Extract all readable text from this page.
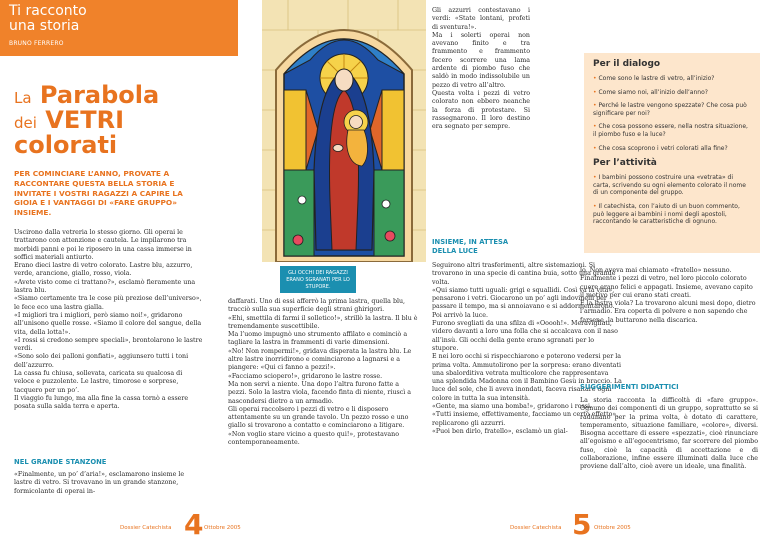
Ti racconto
una storia
BRUNO FERRERO
La Parabola
dei VETRI
colorati
PER COMINCIARE L’ANNO, PROVATE A RACCONTARE QUESTA BELLA STORIA E INVITATE I VOSTRI RAGAZZI A CAPIRE LA GIOIA E I VANTAGGI DI «FARE GRUPPO» INSIEME.
Uscirono dalla vetreria lo stesso giorno. Gli operai le trattarono con attenzione e cautela. Le impilarono tra morbidi panni e poi le riposero in una cassa immerse in soffici materiali antiurto.
Erano dieci lastre di vetro colorato. Lastre blu, azzurro, verde, arancione, giallo, rosso, viola.
«Avete visto come ci trattano?», esclamò fieramente una lastra blu.
«Siamo certamente tra le cose più preziose dell’universo», le fece eco una lastra gialla.
«I migliori tra i migliori, però siamo noi!», gridarono all’unisono quelle rosse. «Siamo il colore del sangue, della vita, della lotta!».
«I rossi si credono sempre speciali», brontolarono le lastre verdi.
«Sono solo dei palloni gonfiati», aggiunsero tutti i toni dell’azzurro.
La cassa fu chiusa, sollevata, caricata su qualcosa di veloce e puzzolente. Le lastre, timorose e sorprese, tacquero per un po’.
Il viaggio fu lungo, ma alla fine la cassa tornò a essere posata sulla salda terra e aperta.
NEL GRANDE STANZONE
«Finalmente, un po’ d’aria!», esclamarono insieme le lastre di vetro. Si trovavano in un grande stanzone, formicolante di operai in-
GLI OCCHI DEI RAGAZZI ERANO SGRANATI PER LO STUPORE.
daffarati. Uno di essi afferrò la prima lastra, quella blu, tracciò sulla sua superficie degli strani ghirigori.
«Ehi, smettila di farmi il solletico!», strillò la lastra. Il blu è tremendamente suscettibile.
Ma l’uomo impugnò uno strumento affilato e cominciò a tagliare la lastra in frammenti di varie dimensioni.
«No! Non rompermi!», gridava disperata la lastra blu. Le altre lastre inorridirono e cominciarono a lagnarsi e a piangere: «Qui ci fanno a pezzi!».
«Facciamo sciopero!», gridarono le lastre rosse.
Ma non servì a niente. Una dopo l’altra furono fatte a pezzi. Solo la lastra viola, facendo finta di niente, riuscì a nascondersi dietro a un armadio.
Gli operai raccolsero i pezzi di vetro e li disposero attentamente su un grande tavolo. Un pezzo rosso e uno giallo si trovarono a contatto e cominciarono a litigare.
«Non voglio stare vicino a questo qui!», protestavano contemporaneamente.
Gli azzurri contestavano i verdi: «State lontani, profeti di sventura!».
Ma i solerti operai non avevano finito e tra frammento e frammento fecero scorrere una lama ardente di piombo fuso che saldò in modo indissolubile un pezzo di vetro all’altro.
Questa volta i pezzi di vetro colorato non ebbero neanche la forza di protestare. Si rassegnarono. Il loro destino era segnato per sempre.
INSIEME, IN ATTESA
DELLA LUCE
Seguirono altri trasferimenti, altre sistemazioni. Si trovarono in una specie di cantina buia, sotto una grande volta.
«Qui siamo tutti uguali: grigi e squallidi. Così va la vita», pensarono i vetri. Giocarono un po’ agli indovinelli per passare il tempo, ma si annoiavano e si addormentarono.
Poi arrivò la luce.
Furono svegliati da una sfilza di «Ooooh!». Meravigliati, videro davanti a loro una folla che si accalcava con il naso all’insù. Gli occhi della gente erano sgranati per lo stupore.
E nei loro occhi si rispecchiarono e poterono vedersi per la prima volta. Ammutolirono per la sorpresa: erano diventati una sbalorditiva vetrata multicolore che rappresentava una splendida Madonna con il Bambino Gesù in braccio. La luce del sole, che li aveva inondati, faceva risaltare ogni colore in tutta la sua intensità.
«Gente, ma siamo una bomba!», gridarono i rossi.
«Tutti insieme, effettivamente, facciamo un certo effetto», replicarono gli azzurri.
«Puoi ben dirlo, fratello», esclamò un gial-
Per il dialogo
• Come sono le lastre di vetro, all’inizio?
• Come siamo noi, all’inizio dell’anno?
• Perché le lastre vengono spezzate? Che cosa può significare per noi?
• Che cosa possono essere, nella nostra situazione, il piombo fuso e la luce?
• Che cosa scoprono i vetri colorati alla fine?
Per l’attività
• I bambini possono costruire una «vetrata» di carta, scrivendo su ogni elemento colorato il nome di un componente del gruppo.
• Il catechista, con l’aiuto di un buon commento, può leggere ai bambini i nomi degli apostoli, raccontando le caratteristiche di ognuno.
lo. Non aveva mai chiamato «fratello» nessuno.
Finalmente i pezzi di vetro, nel loro piccolo colorato cuore erano felici e appagati. Insieme, avevano capito il motivo per cui erano stati creati.
E la lastra viola? La trovarono alcuni mesi dopo, dietro l’armadio. Era coperta di polvere e non sapendo che farsene, la buttarono nella discarica.
SUGGERIMENTI DIDATTICI
La storia racconta la difficoltà di «fare gruppo». Ognuno dei componenti di un gruppo, soprattutto se si radunano per la prima volta, è dotato di carattere, temperamento, situazione familiare, «colore», diversi. Bisogna accettare di essere «spezzati», cioè rinunciare all’egoismo e all’egocentrismo, far scorrere del piombo fuso, cioè la capacità di accettazione e di collaborazione, infine essere illuminati dalla luce che proviene dall’alto, cioè avere un ideale, una finalità.
Dossier Catechista 4 Ottobre 2005	Dossier Catechista 5 Ottobre 2005
